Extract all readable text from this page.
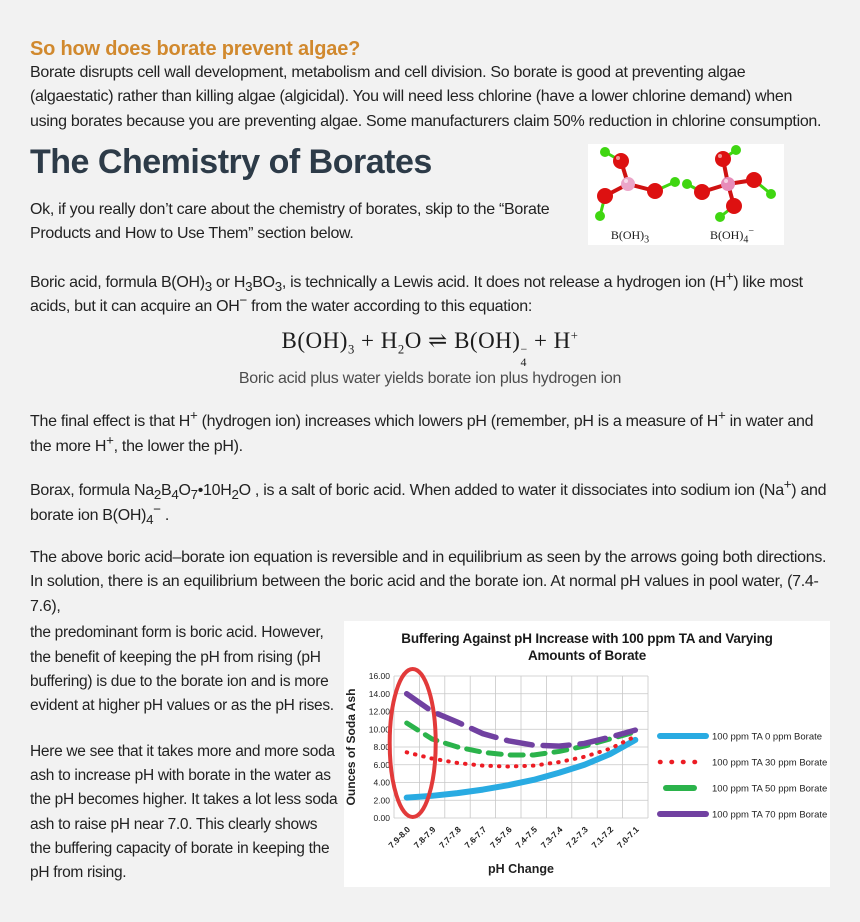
So how does borate prevent algae?

Borate disrupts cell wall development, metabolism and cell division. So borate is good at preventing algae (algaestatic) rather than killing algae (algicidal). You will need less chlorine (have a lower chlorine demand) when using borates because you are preventing algae. Some manufacturers claim 50% reduction in chlorine consumption.

The Chemistry of Borates

Ok, if you really don’t care about the chemistry of borates, skip to the “Borate Products and How to Use Them” section below.	$B(OH)_3$	$B(OH)_4^-$

Boric acid, formula $B(OH)_3$ or $H_3BO_3$, is technically a Lewis acid. It does not release a hydrogen ion (H+) like most acids, but it can acquire an OH− from the water according to this equation:

$B(OH)_3 + H_2O$ ⇌ B(OH) −
4
+ H+
Boric acid plus water yields borate ion plus hydrogen ion

The final effect is that H+ (hydrogen ion) increases which lowers pH (remember, pH is a measure of H+ in water and the more H+, the lower the pH).

Borax, formula $Na_2B_4O_7•10H_2O$ , is a salt of boric acid. When added to water it dissociates into sodium ion (Na+) and borate ion $B(OH)_4^-$ .

The above boric acid–borate ion equation is reversible and in equilibrium as seen by the arrows going both directions. In solution, there is an equilibrium between the boric acid and the borate ion. At normal pH values in pool water, (7.4-7.6),

the predominant form is boric acid. However, the benefit of keeping the pH from rising (pH buffering) is due to the borate ion and is more evident at higher pH values or as the pH rises.

Here we see that it takes more and more soda ash to increase pH with borate in the water as the pH becomes higher. It takes a lot less soda ash to raise pH near 7.0. This clearly shows the buffering capacity of borate in keeping the pH from rising.

Buffering Against pH Increase with 100 ppm TA and Varying Amounts of Borate
0.00
2.00
4.00
6.00
8.00
10.00
12.00
14.00
16.00
7.9-8.0 7.8-7.9 7.7-7.8 7.6-7.7 7.5-7.6 7.4-7.5 7.3-7.4 7.2-7.3 7.1-7.2 7.0-7.1
pH Change
Ounces of Soda Ash	100 ppm TA 0 ppm Borate
100 ppm TA 30 ppm Borate
100 ppm TA 50 ppm Borate
100 ppm TA 70 ppm Borate
